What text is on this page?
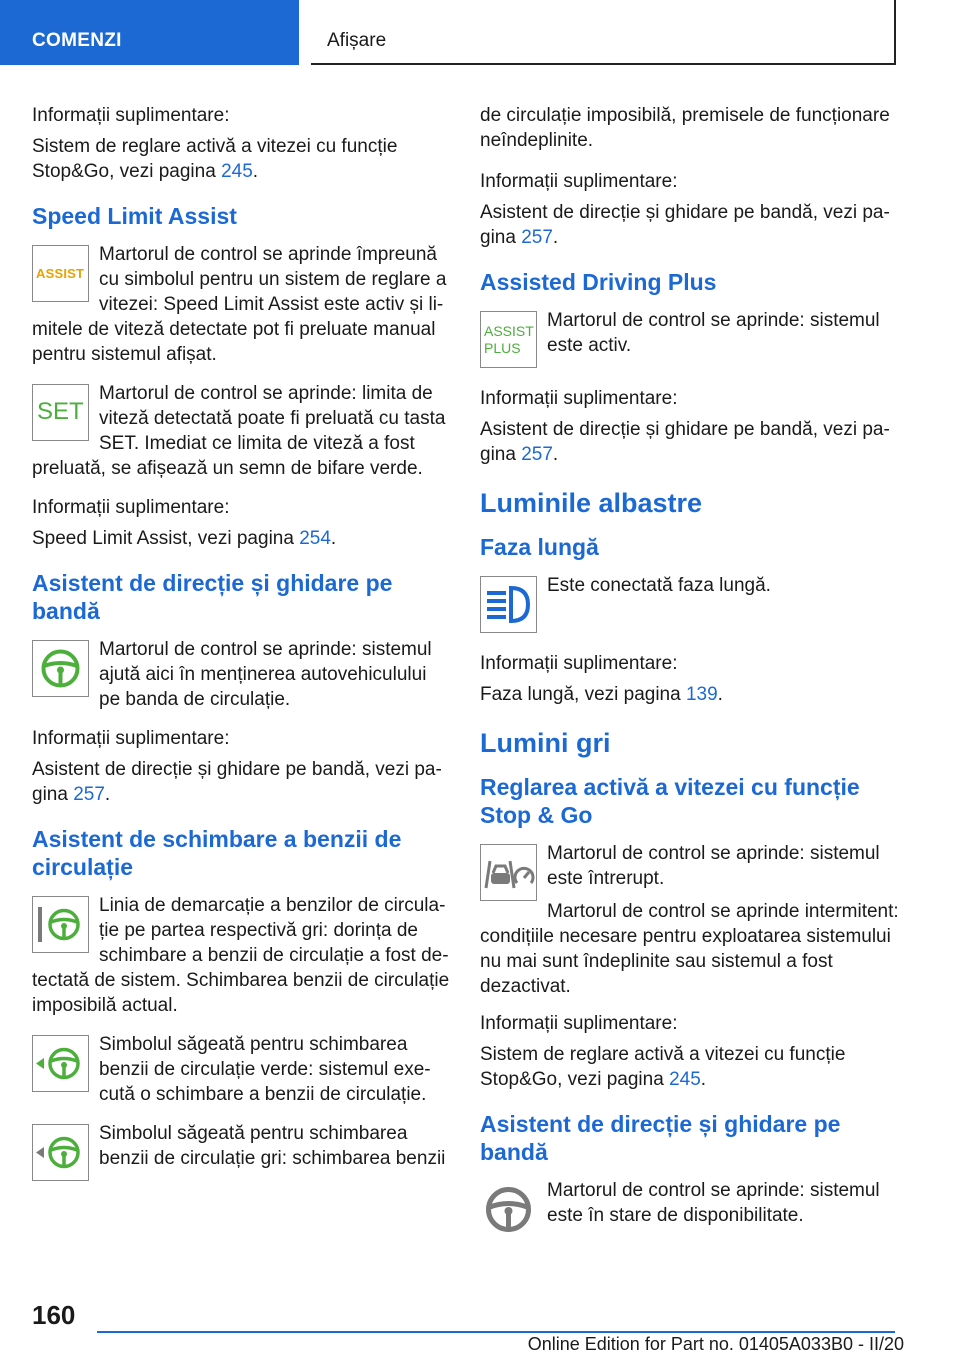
COMENZI	Afișare

Informații suplimentare:

Sistem de reglare activă a vitezei cu funcție Stop&Go, vezi pagina 245.

Speed Limit Assist
ASSIST

Martorul de control se aprinde împreună cu simbolul pentru un sistem de reglare a vitezei: Speed Limit Assist este activ și limitele de viteză detectate pot fi preluate manual pentru sistemul afișat.

SET

Martorul de control se aprinde: limita de viteză detectată poate fi preluată cu tasta SET. Imediat ce limita de viteză a fost preluată, se afișează un semn de bifare verde.

Informații suplimentare:

Speed Limit Assist, vezi pagina 254.

Asistent de direcție și ghidare pe bandă

Martorul de control se aprinde: sistemul ajută aici în menținerea autovehiculului pe banda de circulație.

Informații suplimentare:

Asistent de direcție și ghidare pe bandă, vezi pagina 257.

Asistent de schimbare a benzii de circulație

Linia de demarcație a benzilor de circulație pe partea respectivă gri: dorința de schimbare a benzii de circulație a fost detectată de sistem. Schimbarea benzii de circulație imposibilă actual.

Simbolul săgeată pentru schimbarea benzii de circulație verde: sistemul execută o schimbare a benzii de circulație.

Simbolul săgeată pentru schimbarea benzii de circulație gri: schimbarea benzii

de circulație imposibilă, premisele de funcționare neîndeplinite.

Informații suplimentare:

Asistent de direcție și ghidare pe bandă, vezi pagina 257.

Assisted Driving Plus
ASSIST
PLUS

Martorul de control se aprinde: sistemul este activ.

Informații suplimentare:

Asistent de direcție și ghidare pe bandă, vezi pagina 257.

Luminile albastre
Faza lungă

Este conectată faza lungă.

Informații suplimentare:

Faza lungă, vezi pagina 139.

Lumini gri
Reglarea activă a vitezei cu funcție Stop & Go

Martorul de control se aprinde: sistemul este întrerupt.

Martorul de control se aprinde intermitent: condițiile necesare pentru exploatarea sistemului nu mai sunt îndeplinite sau sistemul a fost dezactivat.

Informații suplimentare:

Sistem de reglare activă a vitezei cu funcție Stop&Go, vezi pagina 245.

Asistent de direcție și ghidare pe bandă

Martorul de control se aprinde: sistemul este în stare de disponibilitate.

160
Online Edition for Part no. 01405A033B0 - II/20
